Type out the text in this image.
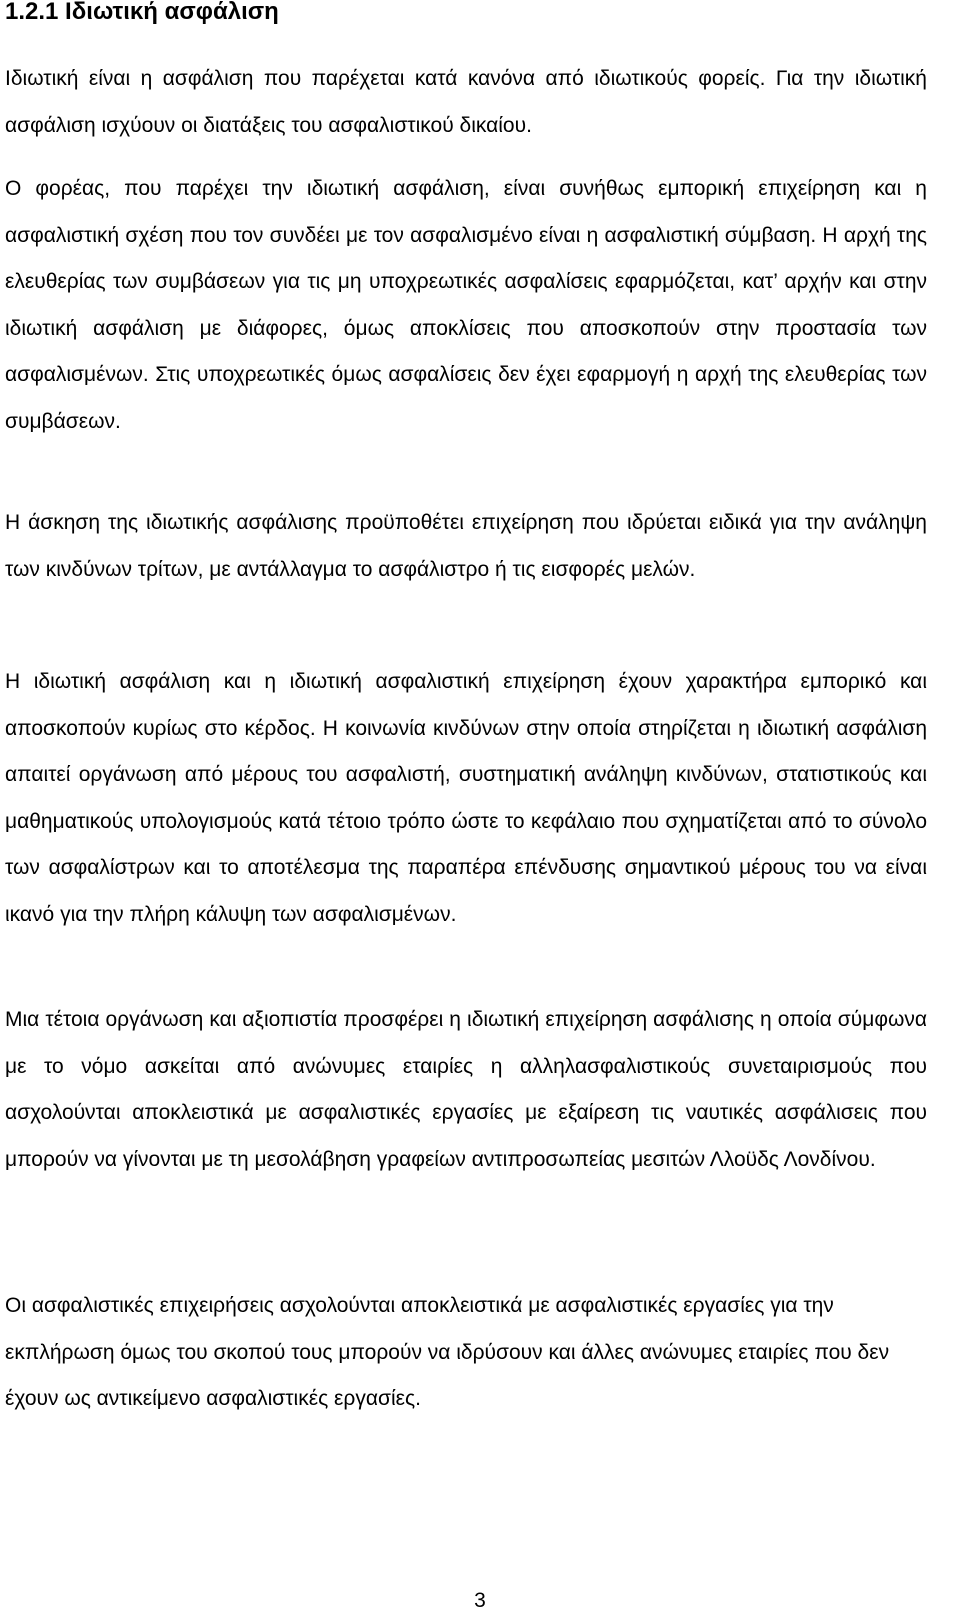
1.2.1 Ιδιωτική ασφάλιση

Ιδιωτική είναι η ασφάλιση που παρέχεται κατά κανόνα από ιδιωτικούς φορείς. Για την ιδιωτική ασφάλιση ισχύουν οι διατάξεις του ασφαλιστικού δικαίου.

Ο φορέας, που παρέχει την ιδιωτική ασφάλιση, είναι συνήθως εμπορική επιχείρηση και η ασφαλιστική σχέση που τον συνδέει με τον ασφαλισμένο είναι η ασφαλιστική σύμβαση. Η αρχή της ελευθερίας των συμβάσεων για τις μη υποχρεωτικές ασφαλίσεις εφαρμόζεται, κατ’ αρχήν και στην ιδιωτική ασφάλιση με διάφορες, όμως αποκλίσεις που αποσκοπούν στην προστασία των ασφαλισμένων. Στις υποχρεωτικές όμως ασφαλίσεις δεν έχει εφαρμογή η αρχή της ελευθερίας των συμβάσεων.

Η άσκηση της ιδιωτικής ασφάλισης προϋποθέτει επιχείρηση που ιδρύεται ειδικά για την ανάληψη των κινδύνων τρίτων, με αντάλλαγμα το ασφάλιστρο ή τις εισφορές μελών.

Η ιδιωτική ασφάλιση και η ιδιωτική ασφαλιστική επιχείρηση έχουν χαρακτήρα εμπορικό και αποσκοπούν κυρίως στο κέρδος. Η κοινωνία κινδύνων στην οποία στηρίζεται η ιδιωτική ασφάλιση απαιτεί οργάνωση από μέρους του ασφαλιστή, συστηματική ανάληψη κινδύνων, στατιστικούς και μαθηματικούς υπολογισμούς κατά τέτοιο τρόπο ώστε το κεφάλαιο που σχηματίζεται από το σύνολο των ασφαλίστρων και το αποτέλεσμα της παραπέρα επένδυσης σημαντικού μέρους του να είναι ικανό για την πλήρη κάλυψη των ασφαλισμένων.

Μια τέτοια οργάνωση και αξιοπιστία προσφέρει η ιδιωτική επιχείρηση ασφάλισης η οποία σύμφωνα με το νόμο ασκείται από ανώνυμες εταιρίες η αλληλασφαλιστικούς συνεταιρισμούς που ασχολούνται αποκλειστικά με ασφαλιστικές εργασίες με εξαίρεση τις ναυτικές ασφάλισεις που μπορούν να γίνονται με τη μεσολάβηση γραφείων αντιπροσωπείας μεσιτών Λλοϋδς Λονδίνου.

Οι ασφαλιστικές επιχειρήσεις ασχολούνται αποκλειστικά με ασφαλιστικές εργασίες για την εκπλήρωση όμως του σκοπού τους μπορούν να ιδρύσουν και άλλες ανώνυμες εταιρίες που δεν έχουν ως αντικείμενο ασφαλιστικές εργασίες.

3
